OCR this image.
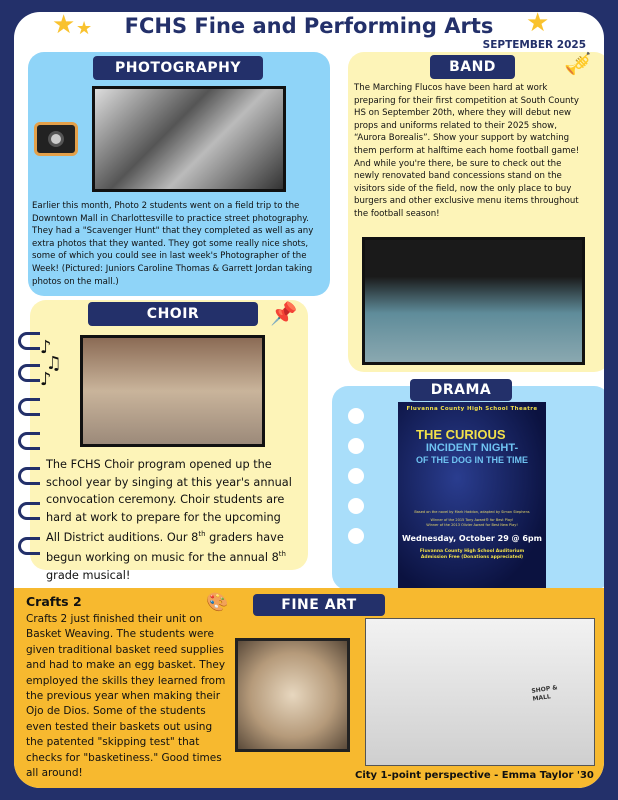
★ ★	★
FCHS Fine and Performing Arts
SEPTEMBER 2025
PHOTOGRAPHY
Earlier this month, Photo 2 students went on a field trip to the Downtown Mall in Charlottesville to practice street photography. They had a "Scavenger Hunt" that they completed as well as any extra photos that they wanted. They got some really nice shots, some of which you could see in last week's Photographer of the Week! (Pictured: Juniors Caroline Thomas & Garrett Jordan taking photos on the mall.)
BAND	🎺
The Marching Flucos have been hard at work preparing for their first competition at South County HS on September 20th, where they will debut new props and uniforms related to their 2025 show, “Aurora Borealis”. Show your support by watching them perform at halftime each home football game! And while you're there, be sure to check out the newly renovated band concessions stand on the visitors side of the field, now the only place to buy burgers and other exclusive menu items throughout the football season!
CHOIR
♪
♫
♪
📌
The FCHS Choir program opened up the school year by singing at this year's annual convocation ceremony. Choir students are hard at work to prepare for the upcoming All District auditions. Our 8th graders have begun working on music for the annual 8th grade musical!
DRAMA
Fluvanna County High School Theatre
THE CURIOUS
INCIDENT NIGHT-
OF THE DOG IN THE TIME
Based on the novel by Mark Haddon, adapted by Simon Stephens
Winner of the 2015 Tony Award® for Best Play!
Winner of the 2013 Olivier Award for Best New Play!
Wednesday, October 29 @ 6pm
Fluvanna County High School Auditorium
Admission Free (Donations appreciated)
Crafts 2	🎨	FINE ART
Crafts 2 just finished their unit on Basket Weaving. The students were given traditional basket reed supplies and had to make an egg basket. They employed the skills they learned from the previous year when making their Ojo de Dios. Some of the students even tested their baskets out using the patented "skipping test" that checks for "basketiness." Good times all around!
SHOP & MALL
City 1-point perspective - Emma Taylor '30
